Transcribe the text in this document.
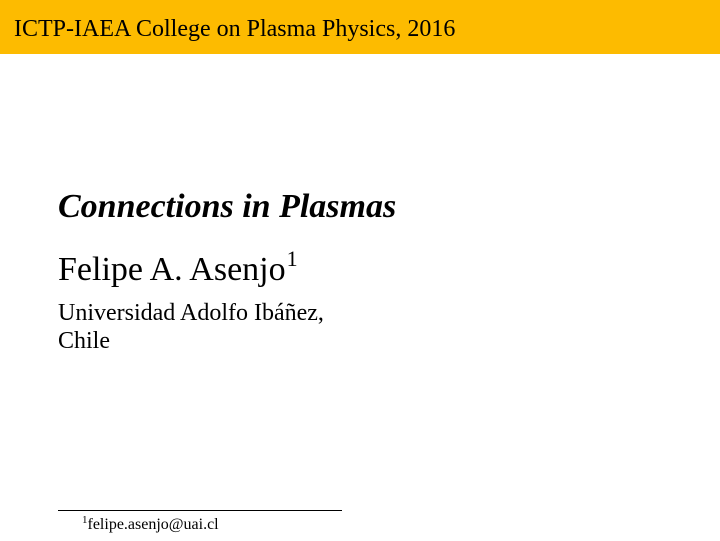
ICTP-IAEA College on Plasma Physics, 2016
Connections in Plasmas
Felipe A. Asenjo$^1$
Universidad Adolfo Ibáñez,
Chile
$^1$felipe.asenjo@uai.cl
